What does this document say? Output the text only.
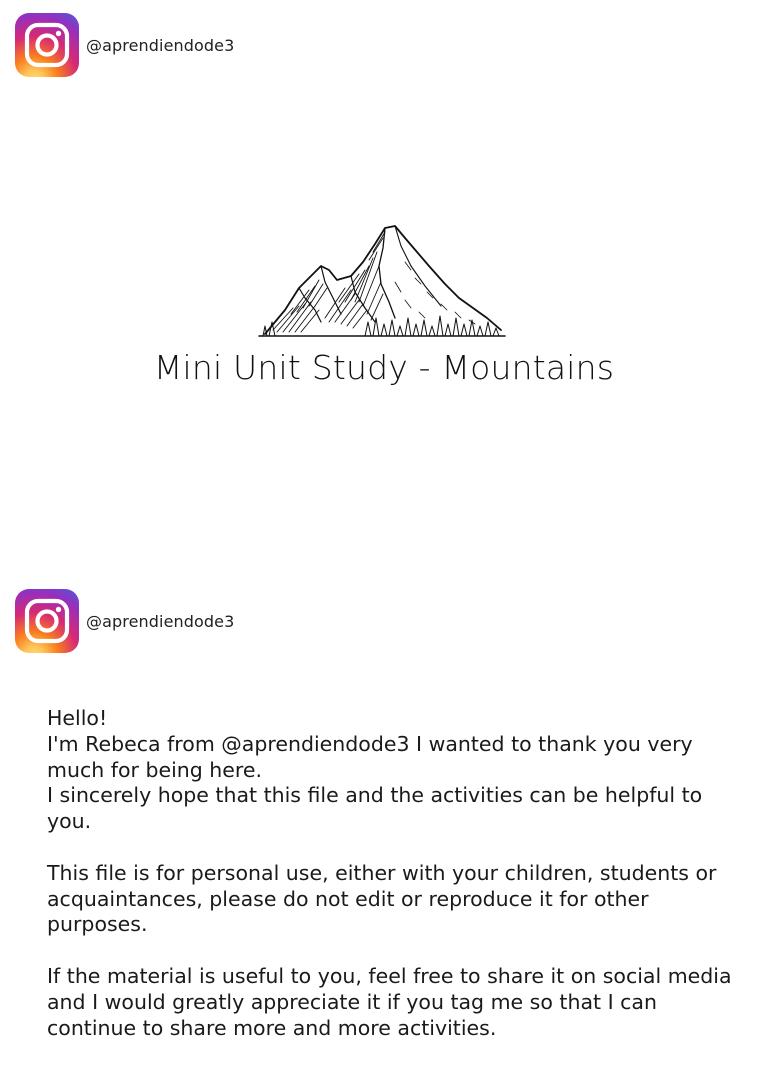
@aprendiendode3
Mini Unit Study - Mountains
@aprendiendode3

Hello!
I'm Rebeca from @aprendiendode3 I wanted to thank you very much for being here.
I sincerely hope that this file and the activities can be helpful to you.

This file is for personal use, either with your children, students or acquaintances, please do not edit or reproduce it for other purposes.

If the material is useful to you, feel free to share it on social media and I would greatly appreciate it if you tag me so that I can continue to share more and more activities.
